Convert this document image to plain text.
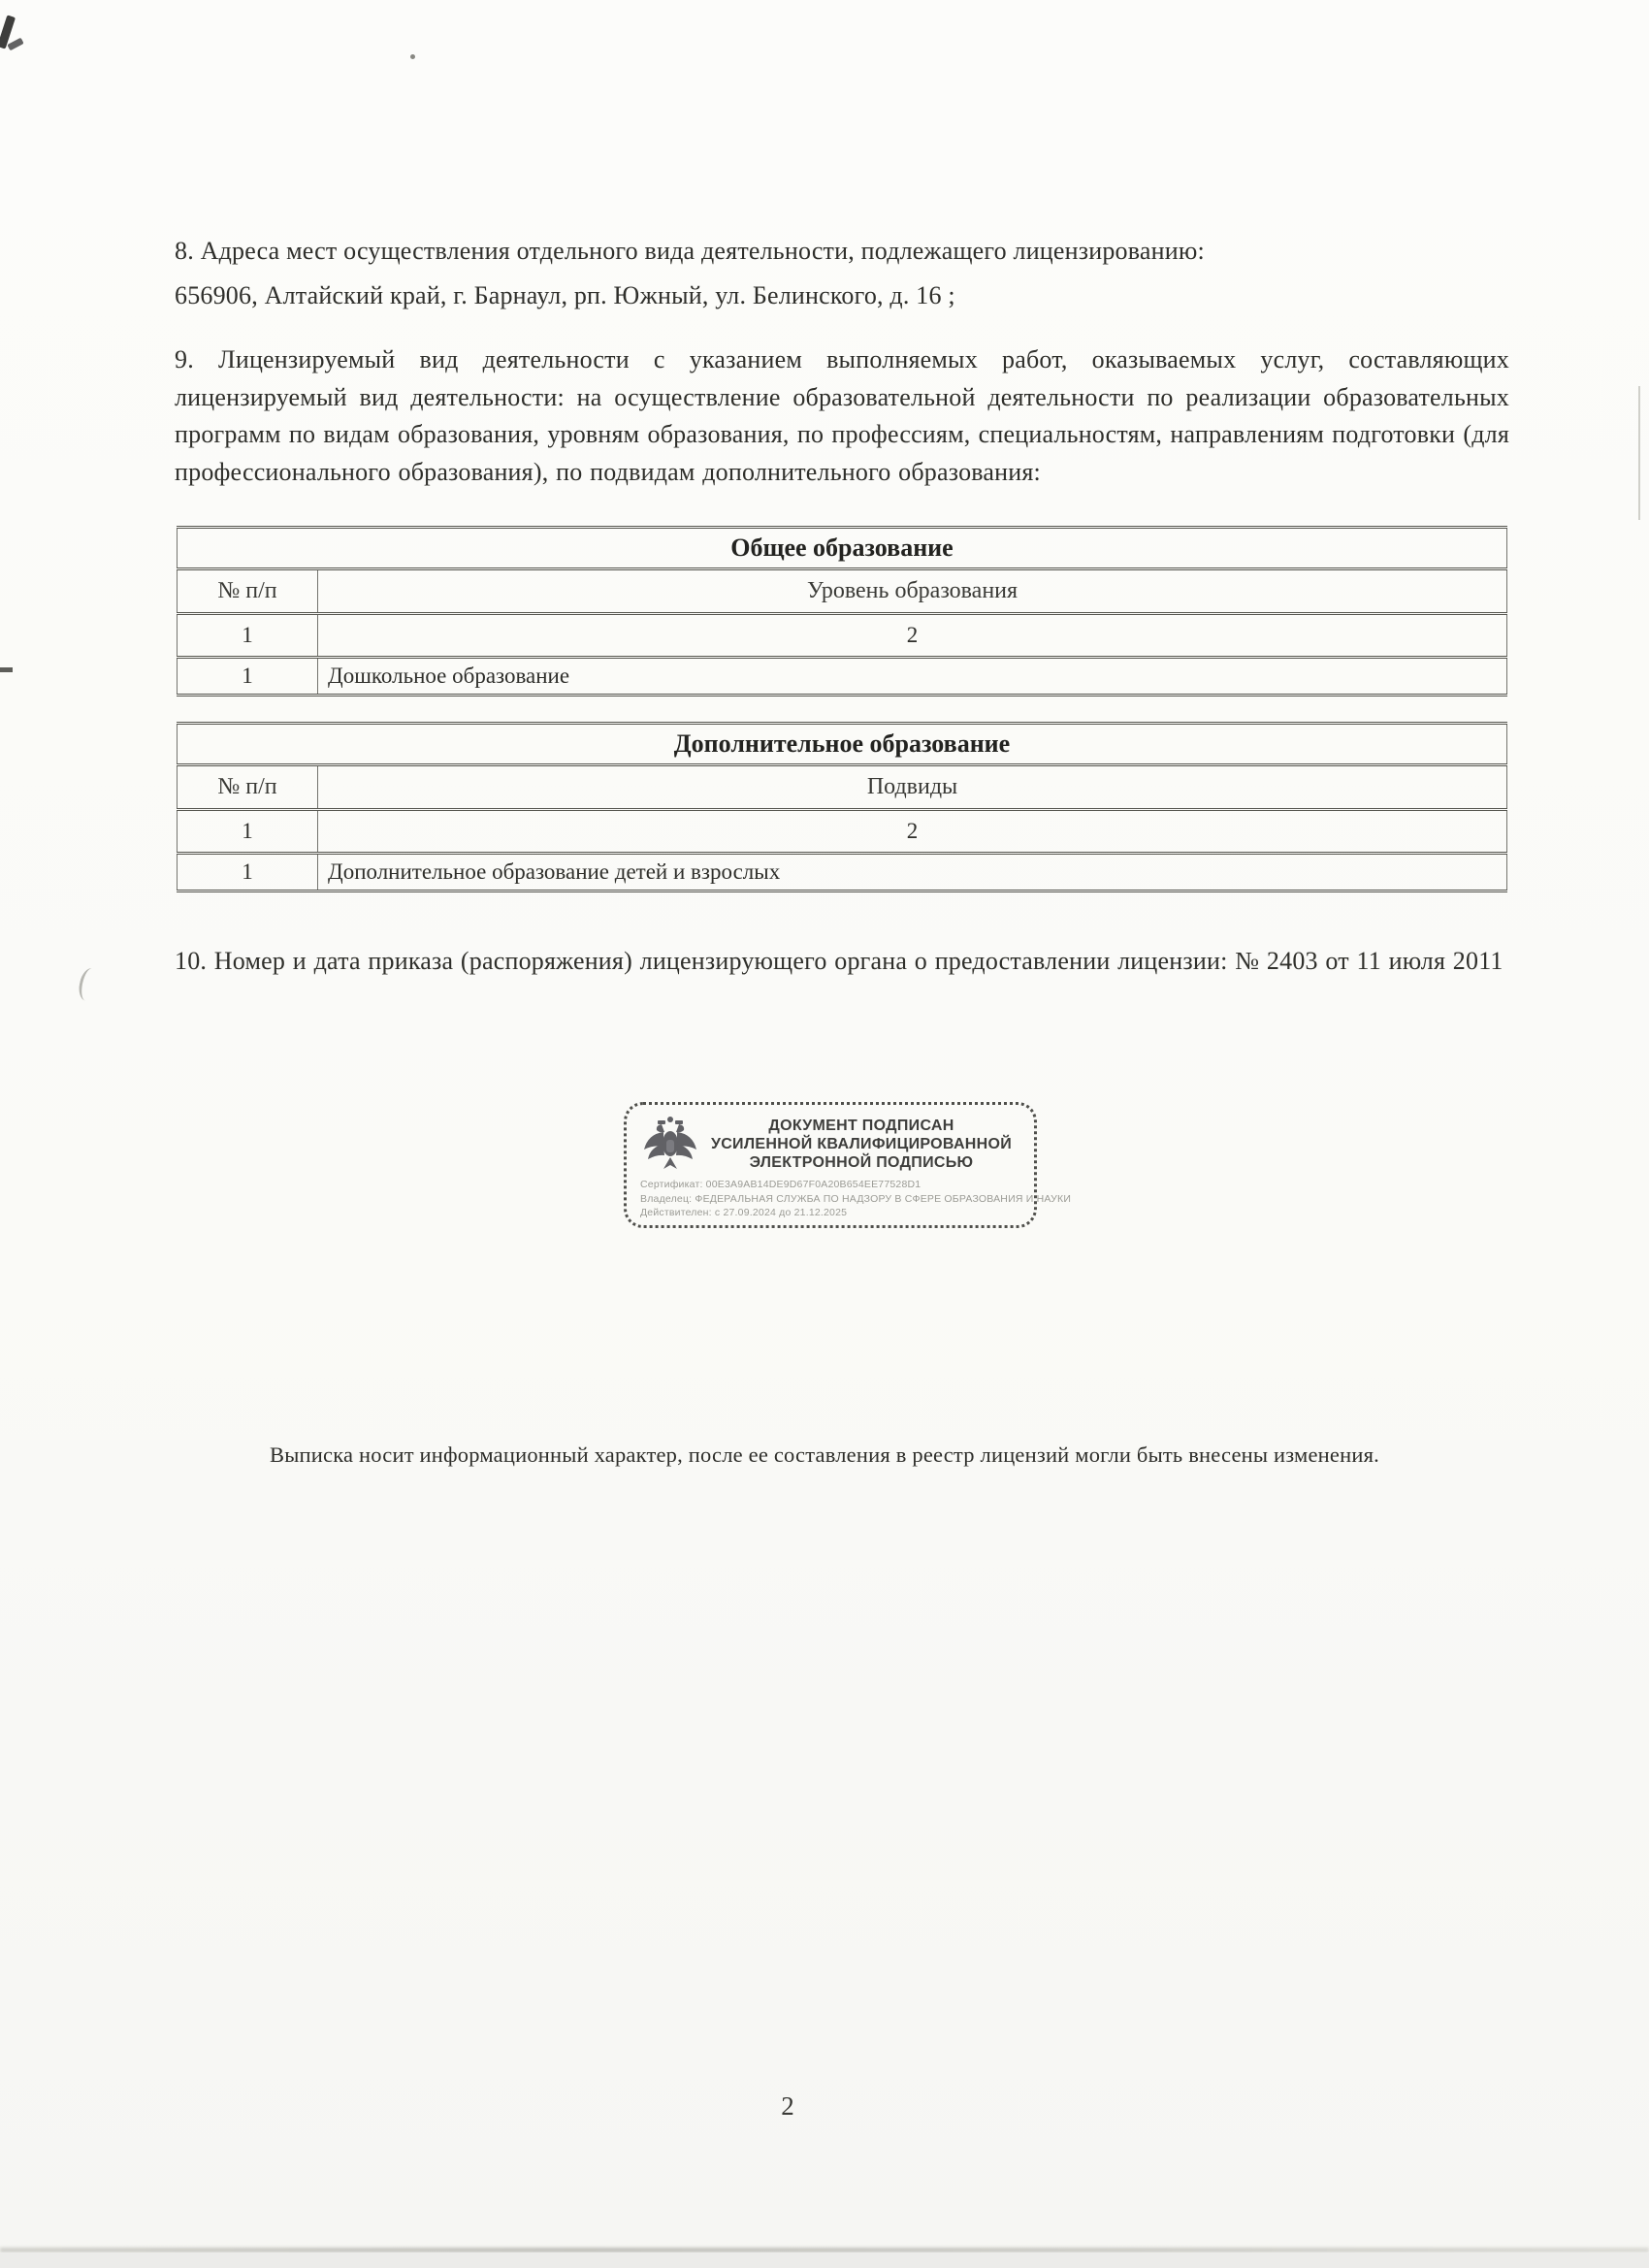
8. Адреса мест осуществления отдельного вида деятельности, подлежащего лицензированию:
656906, Алтайский край, г. Барнаул, рп. Южный, ул. Белинского, д. 16 ;
9. Лицензируемый вид деятельности с указанием выполняемых работ, оказываемых услуг, составляющих лицензируемый вид деятельности: на осуществление образовательной деятельности по реализации образовательных программ по видам образования, уровням образования, по профессиям, специальностям, направлениям подготовки (для профессионального образования), по подвидам дополнительного образования:
Общее образование	
№ п/п	Уровень образования
1	2
1	Дошкольное образование
Дополнительное образование	
№ п/п	Подвиды
1	2
1	Дополнительное образование детей и взрослых
10. Номер и дата приказа (распоряжения) лицензирующего органа о предоставлении лицензии: № 2403 от 11 июля 2011
ДОКУМЕНТ ПОДПИСАН
УСИЛЕННОЙ КВАЛИФИЦИРОВАННОЙ
ЭЛЕКТРОННОЙ ПОДПИСЬЮ
Сертификат: 00E3A9AB14DE9D67F0A20B654EE77528D1
Владелец: ФЕДЕРАЛЬНАЯ СЛУЖБА ПО НАДЗОРУ В СФЕРЕ ОБРАЗОВАНИЯ И НАУКИ
Действителен: с 27.09.2024 до 21.12.2025
Выписка носит информационный характер, после ее составления в реестр лицензий могли быть внесены изменения.
2
